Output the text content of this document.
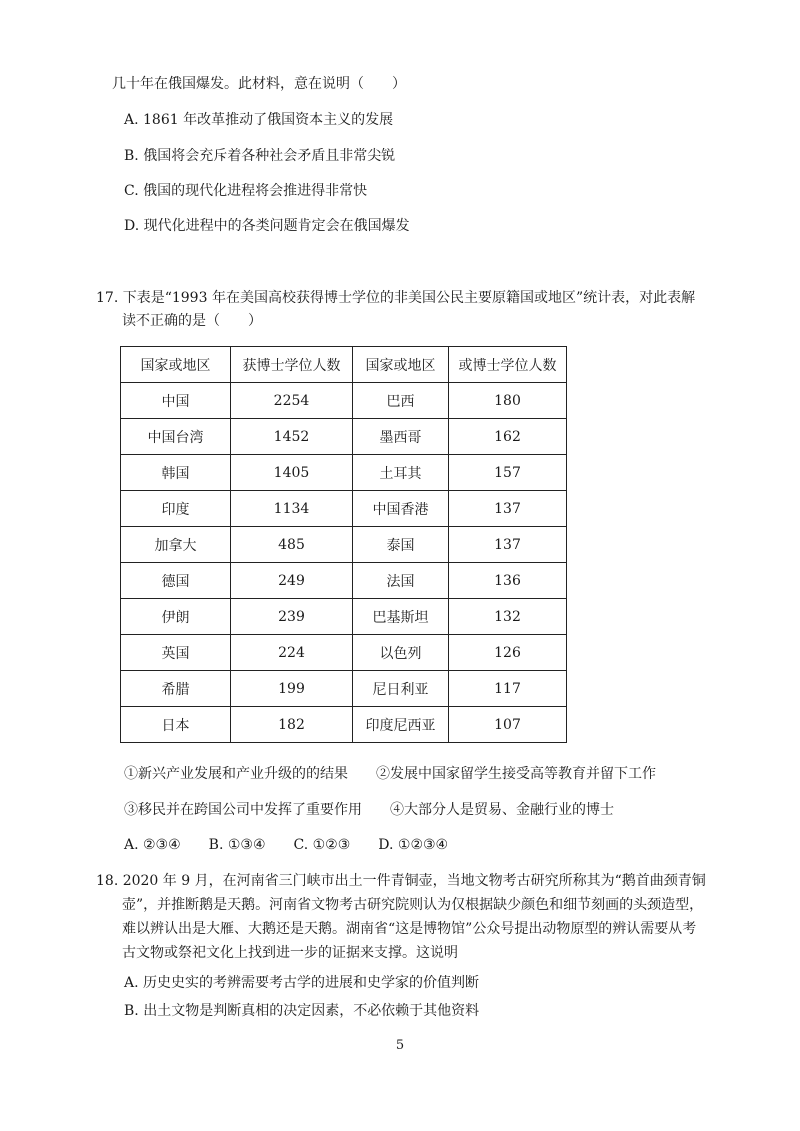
几十年在俄国爆发。此材料，意在说明（　　）
A. 1861 年改革推动了俄国资本主义的发展
B. 俄国将会充斥着各种社会矛盾且非常尖锐
C. 俄国的现代化进程将会推进得非常快
D. 现代化进程中的各类问题肯定会在俄国爆发
17. 下表是“1993 年在美国高校获得博士学位的非美国公民主要原籍国或地区”统计表，对此表解
读不正确的是（　　）
国家或地区	获博士学位人数	国家或地区	或博士学位人数
中国	2254	巴西	180
中国台湾	1452	墨西哥	162
韩国	1405	土耳其	157
印度	1134	中国香港	137
加拿大	485	泰国	137
德国	249	法国	136
伊朗	239	巴基斯坦	132
英国	224	以色列	126
希腊	199	尼日利亚	117
日本	182	印度尼西亚	107
①新兴产业发展和产业升级的的结果　　②发展中国家留学生接受高等教育并留下工作
③移民并在跨国公司中发挥了重要作用　　④大部分人是贸易、金融行业的博士
A. ②③④　　B. ①③④　　C. ①②③　　D. ①②③④
18. 2020 年 9 月，在河南省三门峡市出土一件青铜壶，当地文物考古研究所称其为“鹅首曲颈青铜
壶”，并推断鹅是天鹅。河南省文物考古研究院则认为仅根据缺少颜色和细节刻画的头颈造型，
难以辨认出是大雁、大鹅还是天鹅。湖南省“这是博物馆”公众号提出动物原型的辨认需要从考
古文物或祭祀文化上找到进一步的证据来支撑。这说明
A. 历史史实的考辨需要考古学的进展和史学家的价值判断
B. 出土文物是判断真相的决定因素，不必依赖于其他资料
5
